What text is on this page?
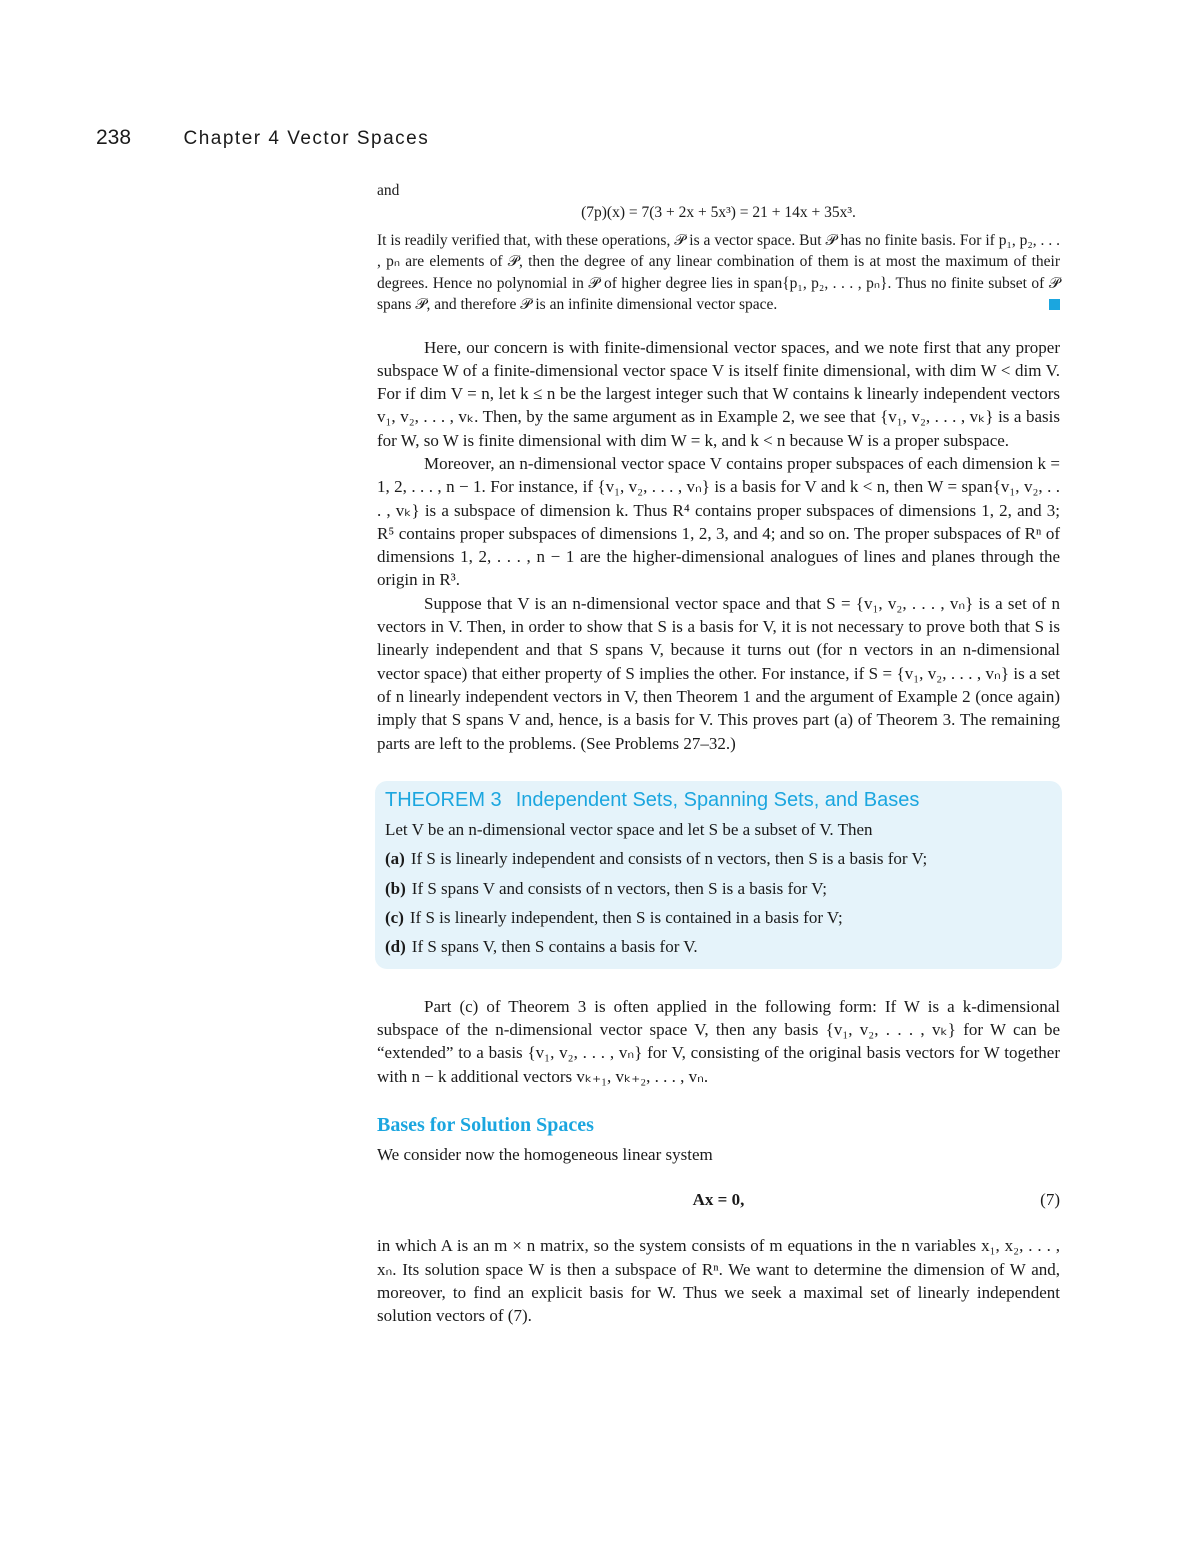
238	Chapter 4 Vector Spaces

and

(7p)(x) = 7(3 + 2x + 5x³) = 21 + 14x + 35x³.

It is readily verified that, with these operations, 𝒫 is a vector space. But 𝒫 has no finite basis. For if p₁, p₂, . . . , pₙ are elements of 𝒫, then the degree of any linear combination of them is at most the maximum of their degrees. Hence no polynomial in 𝒫 of higher degree lies in span{p₁, p₂, . . . , pₙ}. Thus no finite subset of 𝒫 spans 𝒫, and therefore 𝒫 is an infinite dimensional vector space.

Here, our concern is with finite-dimensional vector spaces, and we note first that any proper subspace W of a finite-dimensional vector space V is itself finite dimensional, with dim W < dim V. For if dim V = n, let k ≤ n be the largest integer such that W contains k linearly independent vectors v₁, v₂, . . . , vₖ. Then, by the same argument as in Example 2, we see that {v₁, v₂, . . . , vₖ} is a basis for W, so W is finite dimensional with dim W = k, and k < n because W is a proper subspace.

Moreover, an n-dimensional vector space V contains proper subspaces of each dimension k = 1, 2, . . . , n − 1. For instance, if {v₁, v₂, . . . , vₙ} is a basis for V and k < n, then W = span{v₁, v₂, . . . , vₖ} is a subspace of dimension k. Thus R⁴ contains proper subspaces of dimensions 1, 2, and 3; R⁵ contains proper subspaces of dimensions 1, 2, 3, and 4; and so on. The proper subspaces of Rⁿ of dimensions 1, 2, . . . , n − 1 are the higher-dimensional analogues of lines and planes through the origin in R³.

Suppose that V is an n-dimensional vector space and that S = {v₁, v₂, . . . , vₙ} is a set of n vectors in V. Then, in order to show that S is a basis for V, it is not necessary to prove both that S is linearly independent and that S spans V, because it turns out (for n vectors in an n-dimensional vector space) that either property of S implies the other. For instance, if S = {v₁, v₂, . . . , vₙ} is a set of n linearly independent vectors in V, then Theorem 1 and the argument of Example 2 (once again) imply that S spans V and, hence, is a basis for V. This proves part (a) of Theorem 3. The remaining parts are left to the problems. (See Problems 27–32.)

THEOREM 3 Independent Sets, Spanning Sets, and Bases

Let V be an n-dimensional vector space and let S be a subset of V. Then

(a) If S is linearly independent and consists of n vectors, then S is a basis for V;
(b) If S spans V and consists of n vectors, then S is a basis for V;
(c) If S is linearly independent, then S is contained in a basis for V;
(d) If S spans V, then S contains a basis for V.

Part (c) of Theorem 3 is often applied in the following form: If W is a k-dimensional subspace of the n-dimensional vector space V, then any basis {v₁, v₂, . . . , vₖ} for W can be “extended” to a basis {v₁, v₂, . . . , vₙ} for V, consisting of the original basis vectors for W together with n − k additional vectors vₖ₊₁, vₖ₊₂, . . . , vₙ.

Bases for Solution Spaces

We consider now the homogeneous linear system

Ax = 0,	(7)

in which A is an m × n matrix, so the system consists of m equations in the n variables x₁, x₂, . . . , xₙ. Its solution space W is then a subspace of Rⁿ. We want to determine the dimension of W and, moreover, to find an explicit basis for W. Thus we seek a maximal set of linearly independent solution vectors of (7).
